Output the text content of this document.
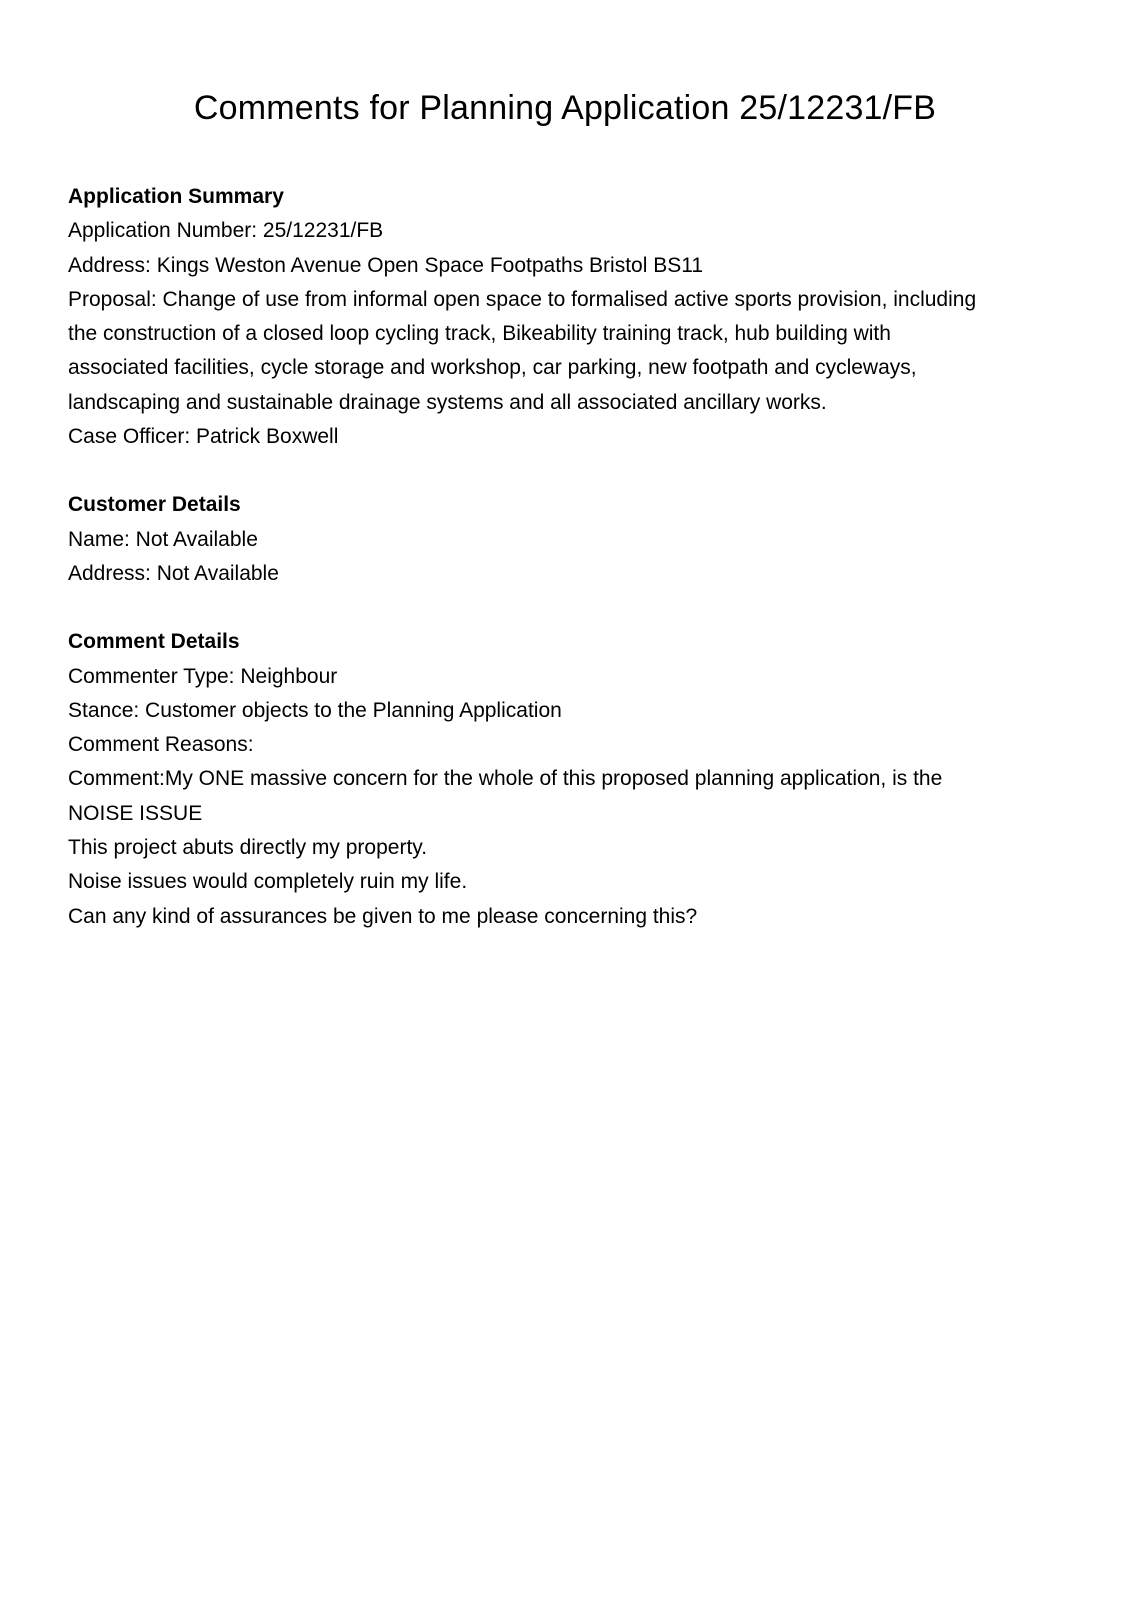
Comments for Planning Application 25/12231/FB

Application Summary

Application Number: 25/12231/FB

Address: Kings Weston Avenue Open Space Footpaths Bristol BS11

Proposal: Change of use from informal open space to formalised active sports provision, including

the construction of a closed loop cycling track, Bikeability training track, hub building with

associated facilities, cycle storage and workshop, car parking, new footpath and cycleways,

landscaping and sustainable drainage systems and all associated ancillary works.

Case Officer: Patrick Boxwell

Customer Details

Name: Not Available

Address: Not Available

Comment Details

Commenter Type: Neighbour

Stance: Customer objects to the Planning Application

Comment Reasons:

Comment:My ONE massive concern for the whole of this proposed planning application, is the

NOISE ISSUE

This project abuts directly my property.

Noise issues would completely ruin my life.

Can any kind of assurances be given to me please concerning this?
